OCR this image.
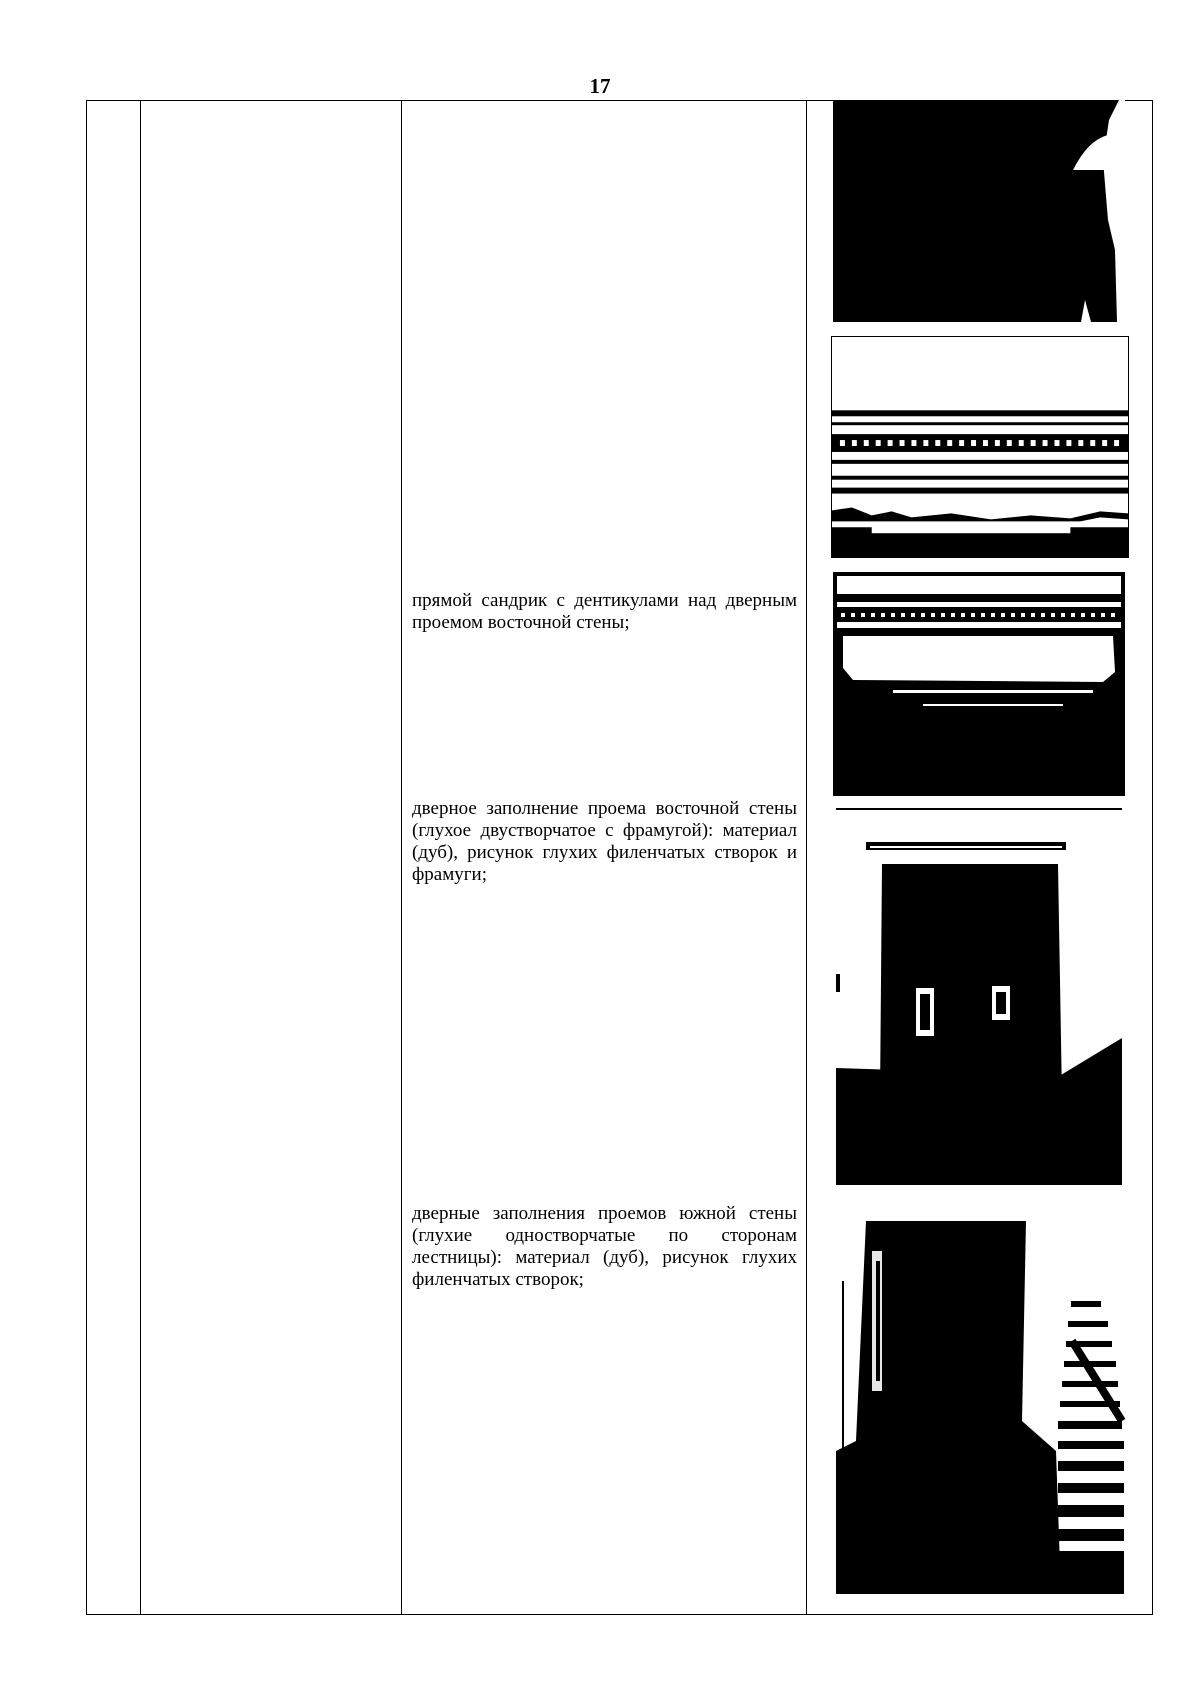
17
прямой сандрик с дентикулами над дверным проемом восточной стены;
дверное заполнение проема восточной стены (глухое двустворчатое с фрамугой): материал (дуб), рисунок глухих филенчатых створок и фрамуги;
дверные заполнения проемов южной стены (глухие одностворчатые по сторонам лестницы): материал (дуб), рисунок глухих филенчатых створок;
